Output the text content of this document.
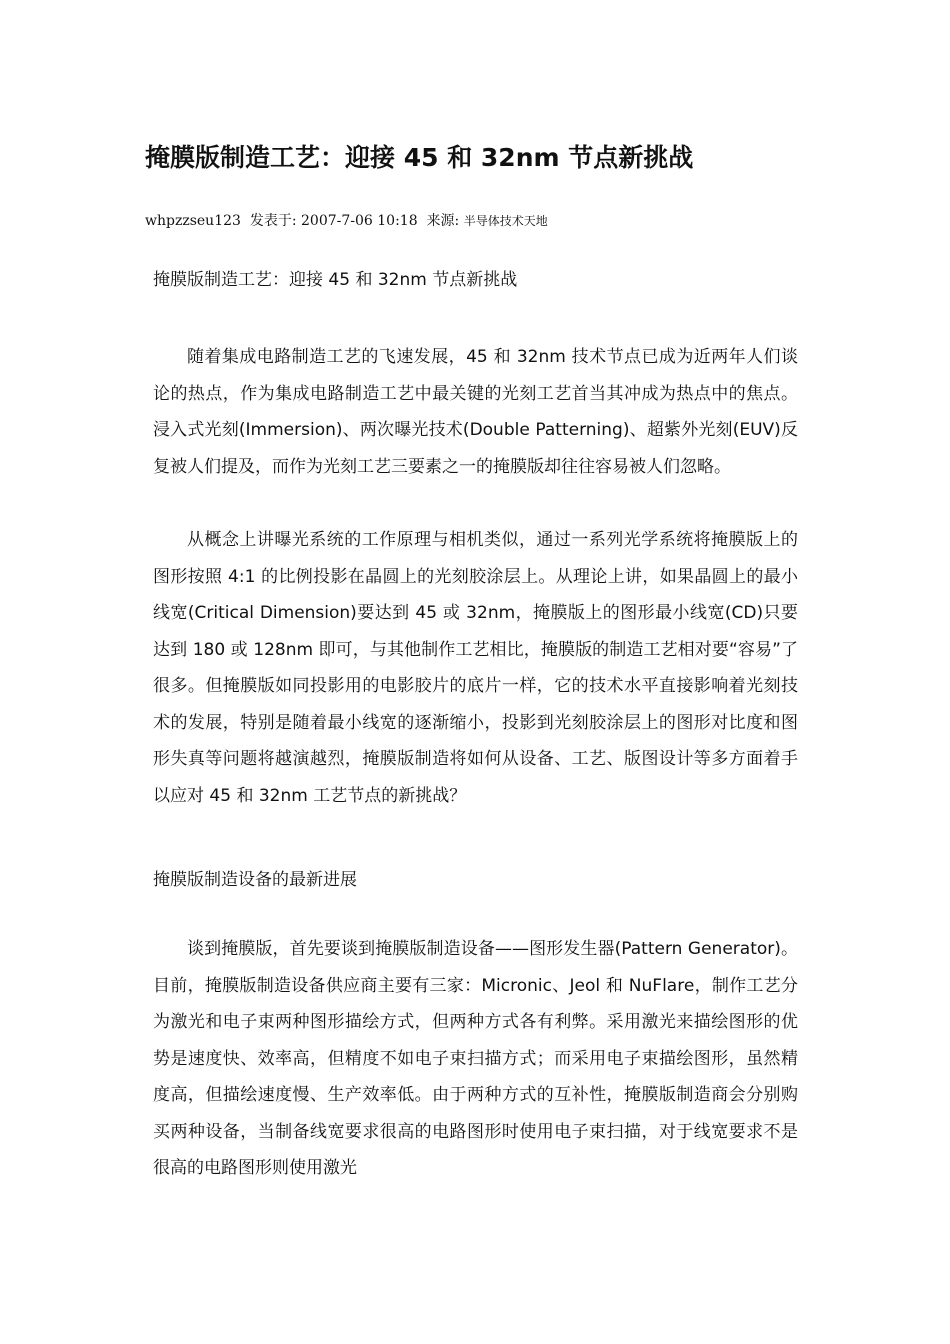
掩膜版制造工艺：迎接 45 和 32nm 节点新挑战
whpzzseu123 发表于: 2007-7-06 10:18 来源: 半导体技术天地
掩膜版制造工艺：迎接 45 和 32nm 节点新挑战

随着集成电路制造工艺的飞速发展，45 和 32nm 技术节点已成为近两年人们谈论的热点，作为集成电路制造工艺中最关键的光刻工艺首当其冲成为热点中的焦点。浸入式光刻(Immersion)、两次曝光技术(Double Patterning)、超紫外光刻(EUV)反复被人们提及，而作为光刻工艺三要素之一的掩膜版却往往容易被人们忽略。

从概念上讲曝光系统的工作原理与相机类似，通过一系列光学系统将掩膜版上的图形按照 4:1 的比例投影在晶圆上的光刻胶涂层上。从理论上讲，如果晶圆上的最小线宽(Critical Dimension)要达到 45 或 32nm，掩膜版上的图形最小线宽(CD)只要达到 180 或 128nm 即可，与其他制作工艺相比，掩膜版的制造工艺相对要“容易”了很多。但掩膜版如同投影用的电影胶片的底片一样，它的技术水平直接影响着光刻技术的发展，特别是随着最小线宽的逐渐缩小，投影到光刻胶涂层上的图形对比度和图形失真等问题将越演越烈，掩膜版制造将如何从设备、工艺、版图设计等多方面着手以应对 45 和 32nm 工艺节点的新挑战？

掩膜版制造设备的最新进展

谈到掩膜版，首先要谈到掩膜版制造设备——图形发生器(Pattern Generator)。目前，掩膜版制造设备供应商主要有三家：Micronic、Jeol 和 NuFlare，制作工艺分为激光和电子束两种图形描绘方式，但两种方式各有利弊。采用激光来描绘图形的优势是速度快、效率高，但精度不如电子束扫描方式；而采用电子束描绘图形，虽然精度高，但描绘速度慢、生产效率低。由于两种方式的互补性，掩膜版制造商会分别购买两种设备，当制备线宽要求很高的电路图形时使用电子束扫描，对于线宽要求不是很高的电路图形则使用激光
